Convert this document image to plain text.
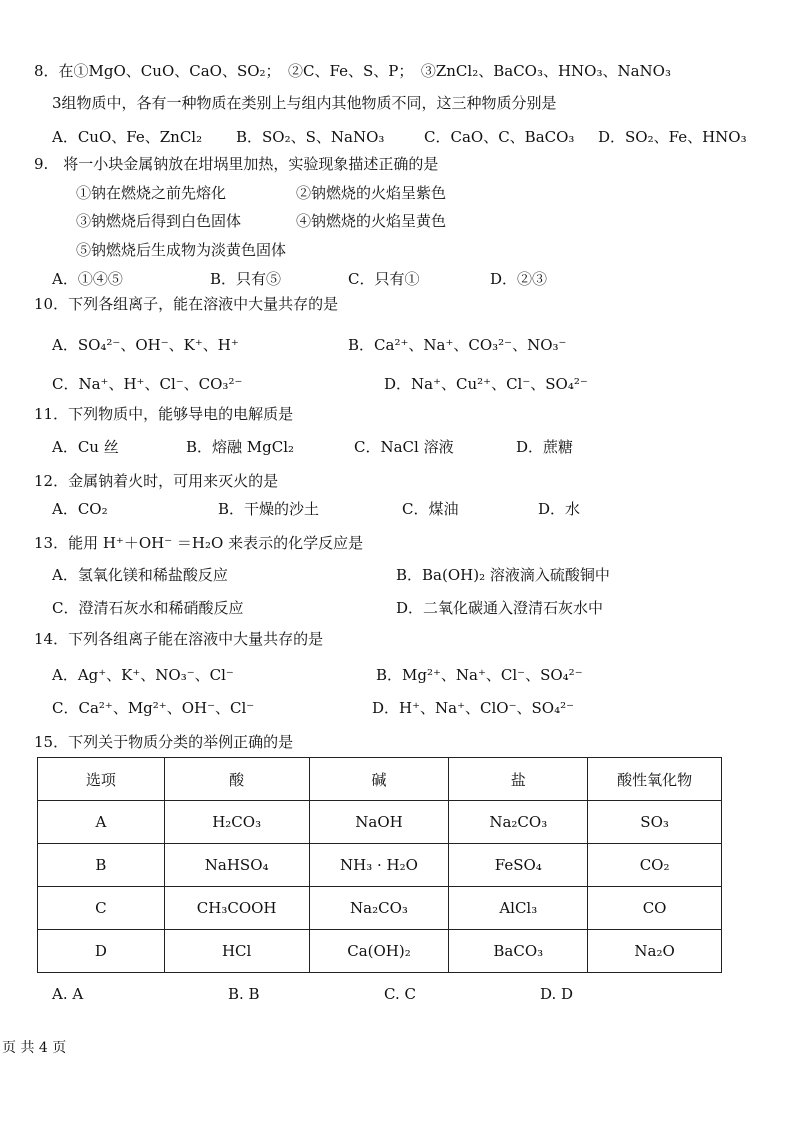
8．在①MgO、CuO、CaO、SO₂；　②C、Fe、S、P；　③ZnCl₂、BaCO₃、HNO₃、NaNO₃
3组物质中，各有一种物质在类别上与组内其他物质不同，这三种物质分别是
A．CuO、Fe、ZnCl₂ B．SO₂、S、NaNO₃	C．CaO、C、BaCO₃ D．SO₂、Fe、HNO₃
9.　将一小块金属钠放在坩埚里加热，实验现象描述正确的是
①钠在燃烧之前先熔化	②钠燃烧的火焰呈紫色
③钠燃烧后得到白色固体	④钠燃烧的火焰呈黄色
⑤钠燃烧后生成物为淡黄色固体
A．①④⑤	B．只有⑤	C．只有①	D．②③
10．下列各组离子，能在溶液中大量共存的是
A．SO₄²⁻、OH⁻、K⁺、H⁺	B．Ca²⁺、Na⁺、CO₃²⁻、NO₃⁻
C．Na⁺、H⁺、Cl⁻、CO₃²⁻	D．Na⁺、Cu²⁺、Cl⁻、SO₄²⁻
11．下列物质中，能够导电的电解质是
A．Cu 丝	B．熔融 MgCl₂	C．NaCl 溶液	D．蔗糖
12．金属钠着火时，可用来灭火的是
A．CO₂	B．干燥的沙土	C．煤油	D．水
13．能用 H⁺＋OH⁻ ＝H₂O 来表示的化学反应是
A．氢氧化镁和稀盐酸反应	B．Ba(OH)₂ 溶液滴入硫酸铜中
C．澄清石灰水和稀硝酸反应	D．二氧化碳通入澄清石灰水中
14．下列各组离子能在溶液中大量共存的是
A．Ag⁺、K⁺、NO₃⁻、Cl⁻	B．Mg²⁺、Na⁺、Cl⁻、SO₄²⁻
C．Ca²⁺、Mg²⁺、OH⁻、Cl⁻	D．H⁺、Na⁺、ClO⁻、SO₄²⁻
15．下列关于物质分类的举例正确的是
选项	酸	碱	盐	酸性氧化物
A	H₂CO₃	NaOH	Na₂CO₃	SO₃
B	NaHSO₄	NH₃ · H₂O	FeSO₄	CO₂
C	CH₃COOH	Na₂CO₃	AlCl₃	CO
D	HCl	Ca(OH)₂	BaCO₃	Na₂O
A. A	B. B	C. C	D. D
页 共 4 页
